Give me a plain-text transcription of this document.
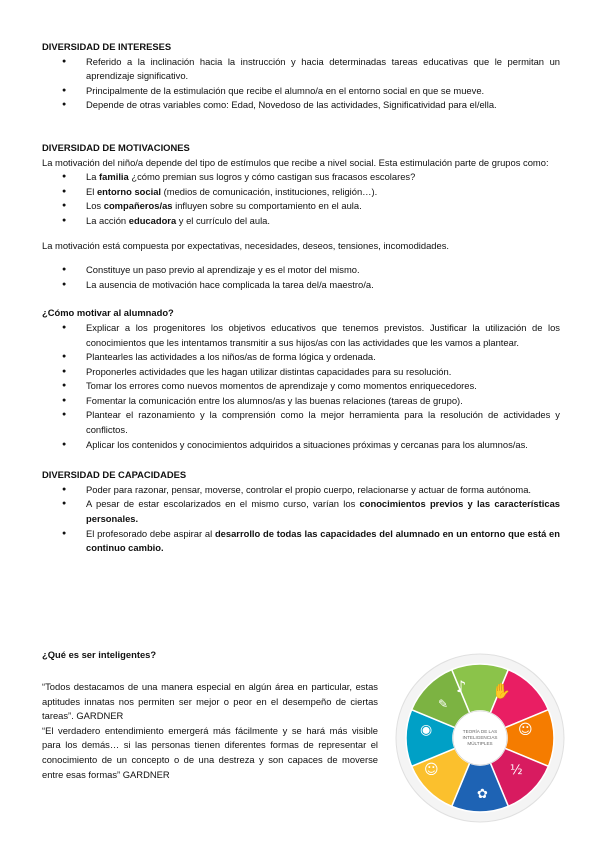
DIVERSIDAD DE INTERESES

● Referido a la inclinación hacia la instrucción y hacia determinadas tareas educativas que le permitan un aprendizaje significativo.
● Principalmente de la estimulación que recibe el alumno/a en el entorno social en que se mueve.
● Depende de otras variables como: Edad, Novedoso de las actividades, Significatividad para el/ella.

DIVERSIDAD DE MOTIVACIONES

La motivación del niño/a depende del tipo de estímulos que recibe a nivel social. Esta estimulación parte de grupos como:

● La familia ¿cómo premian sus logros y cómo castigan sus fracasos escolares?
● El entorno social (medios de comunicación, instituciones, religión…).
● Los compañeros/as influyen sobre su comportamiento en el aula.
● La acción educadora y el currículo del aula.

La motivación está compuesta por expectativas, necesidades, deseos, tensiones, incomodidades.

● Constituye un paso previo al aprendizaje y es el motor del mismo.
● La ausencia de motivación hace complicada la tarea del/a maestro/a.

¿Cómo motivar al alumnado?

● Explicar a los progenitores los objetivos educativos que tenemos previstos. Justificar la utilización de los conocimientos que les intentamos transmitir a sus hijos/as con las actividades que les vamos a plantear.
● Plantearles las actividades a los niños/as de forma lógica y ordenada.
● Proponerles actividades que les hagan utilizar distintas capacidades para su resolución.
● Tomar los errores como nuevos momentos de aprendizaje y como momentos enriquecedores.
● Fomentar la comunicación entre los alumnos/as y las buenas relaciones (tareas de grupo).
● Plantear el razonamiento y la comprensión como la mejor herramienta para la resolución de actividades y conflictos.
● Aplicar los contenidos y conocimientos adquiridos a situaciones próximas y cercanas para los alumnos/as.

DIVERSIDAD DE CAPACIDADES

● Poder para razonar, pensar, moverse, controlar el propio cuerpo, relacionarse y actuar de forma autónoma.
● A pesar de estar escolarizados en el mismo curso, varían los conocimientos previos y las características personales.
● El profesorado debe aspirar al desarrollo de todas las capacidades del alumnado en un entorno que está en continuo cambio.

¿Qué es ser inteligentes?

“Todos destacamos de una manera especial en algún área en particular, estas aptitudes innatas nos permiten ser mejor o peor en el desempeño de ciertas tareas”. GARDNER

“El verdadero entendimiento emergerá más fácilmente y se hará más visible para los demás… si las personas tienen diferentes formas de representar el conocimiento de un concepto o de una destreza y son capaces de moverse entre esas formas” GARDNER

TEORÍA DE LAS
INTELIGENCIAS
MÚLTIPLES
♪ ✋
☺
½
✿
☺
◉
✎
